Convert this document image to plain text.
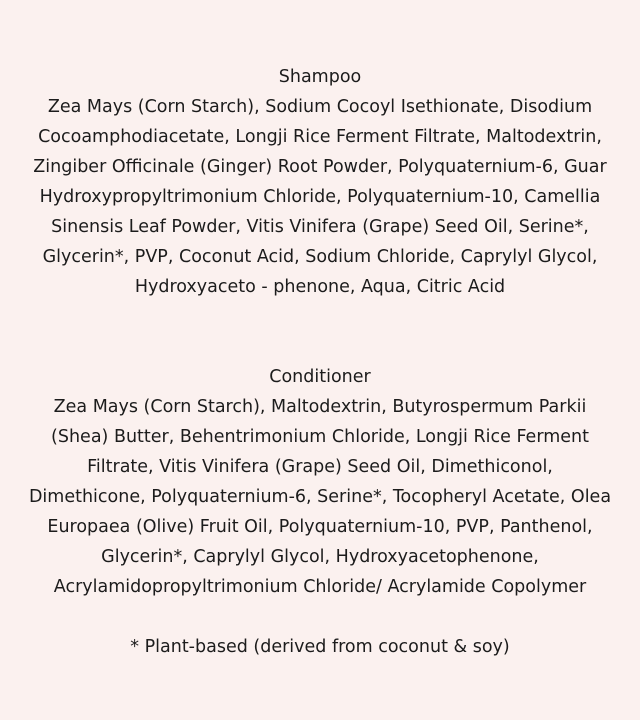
Shampoo

Zea Mays (Corn Starch), Sodium Cocoyl Isethionate, Disodium Cocoamphodiacetate, Longji Rice Ferment Filtrate, Maltodextrin, Zingiber Officinale (Ginger) Root Powder, Polyquaternium-6, Guar Hydroxypropyltrimonium Chloride, Polyquaternium-10, Camellia Sinensis Leaf Powder, Vitis Vinifera (Grape) Seed Oil, Serine*, Glycerin*, PVP, Coconut Acid, Sodium Chloride, Caprylyl Glycol, Hydroxyaceto - phenone, Aqua, Citric Acid

Conditioner

Zea Mays (Corn Starch), Maltodextrin, Butyrospermum Parkii (Shea) Butter, Behentrimonium Chloride, Longji Rice Ferment Filtrate, Vitis Vinifera (Grape) Seed Oil, Dimethiconol, Dimethicone, Polyquaternium-6, Serine*, Tocopheryl Acetate, Olea Europaea (Olive) Fruit Oil, Polyquaternium-10, PVP, Panthenol, Glycerin*, Caprylyl Glycol, Hydroxyacetophenone, Acrylamidopropyltrimonium Chloride/ Acrylamide Copolymer

* Plant-based (derived from coconut & soy)
